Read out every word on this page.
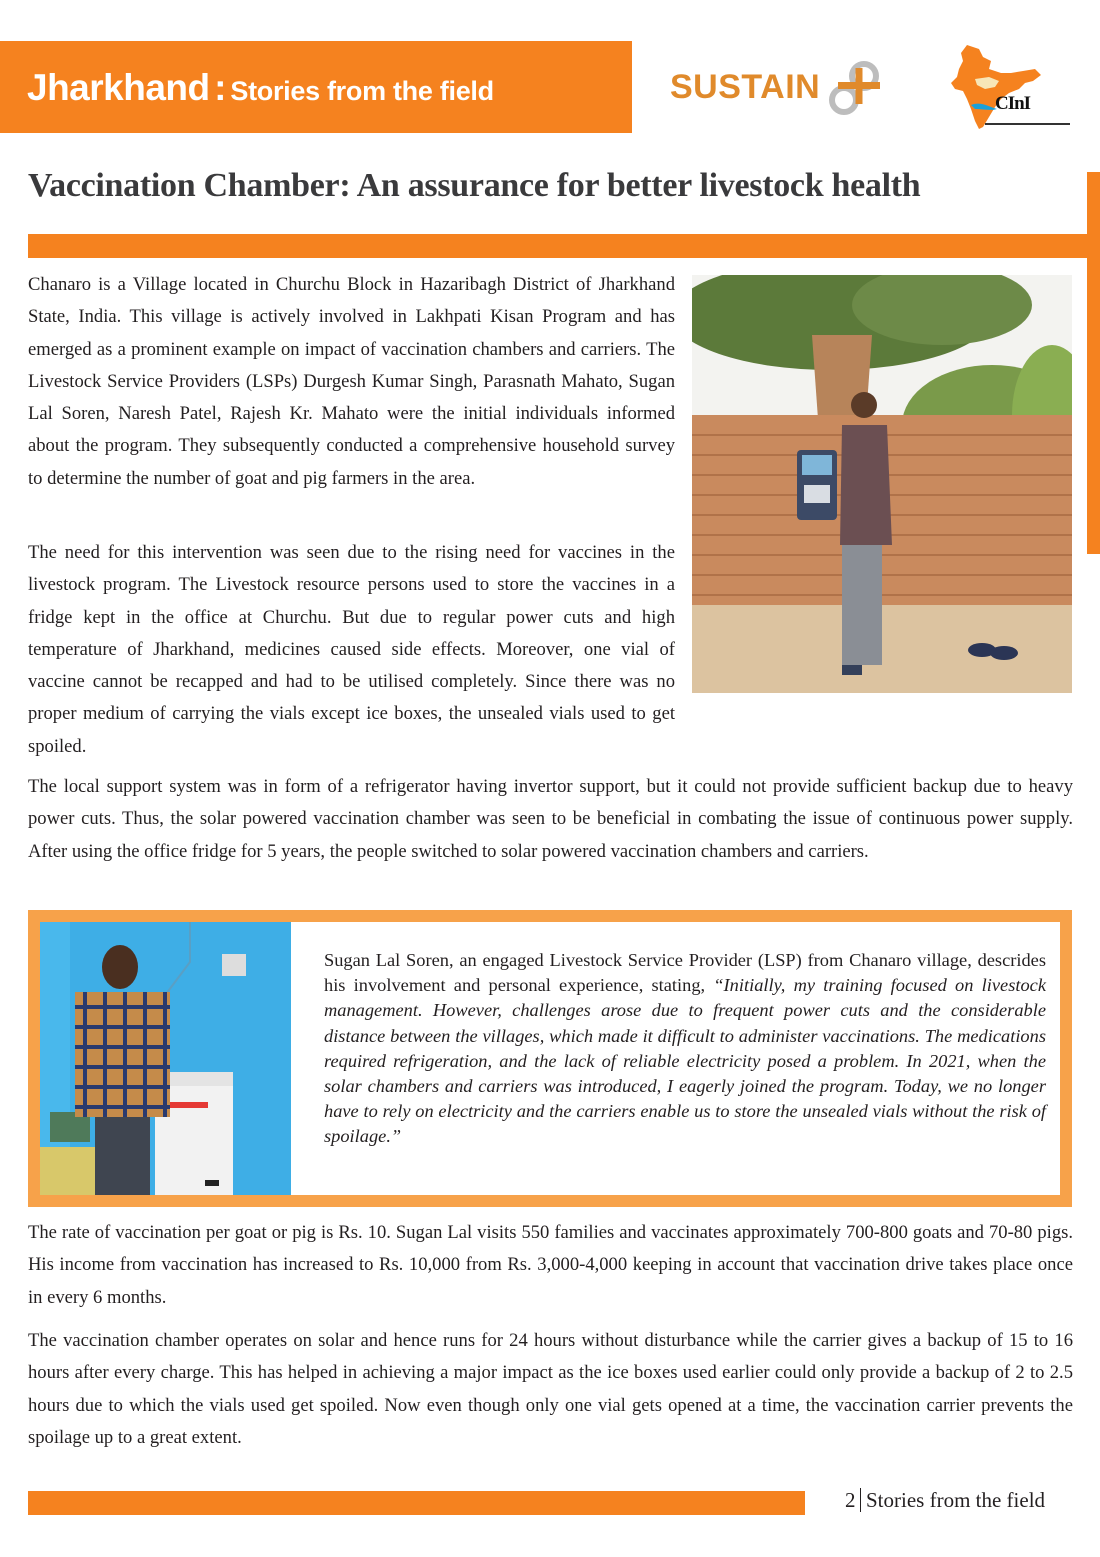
Jharkhand : Stories from the field	SUSTAIN	CInI
Vaccination Chamber: An assurance for better livestock health

Chanaro is a Village located in Churchu Block in Hazaribagh District of Jharkhand State, India. This village is actively involved in Lakhpati Kisan Program and has emerged as a prominent example on impact of vaccination chambers and carriers. The Livestock Service Providers (LSPs) Durgesh Kumar Singh, Parasnath Mahato, Sugan Lal Soren, Naresh Patel, Rajesh Kr. Mahato were the initial individuals informed about the program. They subsequently conducted a comprehensive household survey to determine the number of goat and pig farmers in the area.

The need for this intervention was seen due to the rising need for vaccines in the livestock program. The Livestock resource persons used to store the vaccines in a fridge kept in the office at Churchu. But due to regular power cuts and high temperature of Jharkhand, medicines caused side effects. Moreover, one vial of vaccine cannot be recapped and had to be utilised completely. Since there was no proper medium of carrying the vials except ice boxes, the unsealed vials used to get spoiled.

The local support system was in form of a refrigerator having invertor support, but it could not provide sufficient backup due to heavy power cuts. Thus, the solar powered vaccination chamber was seen to be beneficial in combating the issue of continuous power supply. After using the office fridge for 5 years, the people switched to solar powered vaccination chambers and carriers.

Sugan Lal Soren, an engaged Livestock Service Provider (LSP) from Chanaro village, descrides his involvement and personal experience, stating, “Initially, my training focused on livestock management. However, challenges arose due to frequent power cuts and the considerable distance between the villages, which made it difficult to administer vaccinations. The medications required refrigeration, and the lack of reliable electricity posed a problem. In 2021, when the solar chambers and carriers was introduced, I eagerly joined the program. Today, we no longer have to rely on electricity and the carriers enable us to store the unsealed vials without the risk of spoilage.”

The rate of vaccination per goat or pig is Rs. 10. Sugan Lal visits 550 families and vaccinates approximately 700-800 goats and 70-80 pigs. His income from vaccination has increased to Rs. 10,000 from Rs. 3,000-4,000 keeping in account that vaccination drive takes place once in every 6 months.

The vaccination chamber operates on solar and hence runs for 24 hours without disturbance while the carrier gives a backup of 15 to 16 hours after every charge. This has helped in achieving a major impact as the ice boxes used earlier could only provide a backup of 2 to 2.5 hours due to which the vials used get spoiled. Now even though only one vial gets opened at a time, the vaccination carrier prevents the spoilage up to a great extent.

2 Stories from the field
